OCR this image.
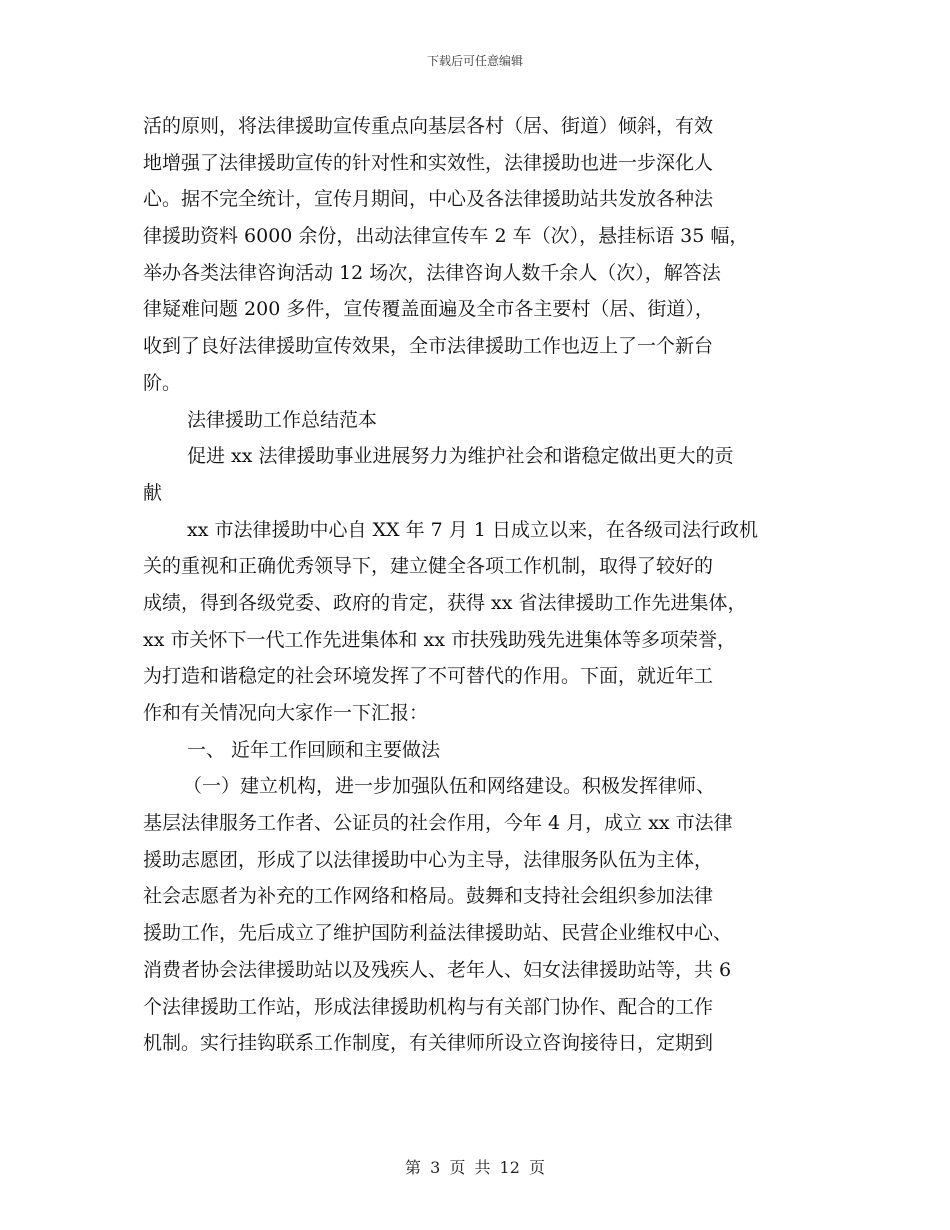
下载后可任意编辑
活的原则，将法律援助宣传重点向基层各村（居、街道）倾斜，有效
地增强了法律援助宣传的针对性和实效性，法律援助也进一步深化人
心。据不完全统计，宣传月期间，中心及各法律援助站共发放各种法
律援助资料 6000 余份，出动法律宣传车 2 车（次），悬挂标语 35 幅，
举办各类法律咨询活动 12 场次，法律咨询人数千余人（次），解答法
律疑难问题 200 多件，宣传覆盖面遍及全市各主要村（居、街道），
收到了良好法律援助宣传效果，全市法律援助工作也迈上了一个新台
阶。
法律援助工作总结范本
促进 xx 法律援助事业进展努力为维护社会和谐稳定做出更大的贡
献
xx 市法律援助中心自 XX 年 7 月 1 日成立以来，在各级司法行政机
关的重视和正确优秀领导下，建立健全各项工作机制，取得了较好的
成绩，得到各级党委、政府的肯定，获得 xx 省法律援助工作先进集体，
xx 市关怀下一代工作先进集体和 xx 市扶残助残先进集体等多项荣誉，
为打造和谐稳定的社会环境发挥了不可替代的作用。下面，就近年工
作和有关情况向大家作一下汇报：
一、 近年工作回顾和主要做法
（一）建立机构，进一步加强队伍和网络建设。积极发挥律师、
基层法律服务工作者、公证员的社会作用，今年 4 月，成立 xx 市法律
援助志愿团，形成了以法律援助中心为主导，法律服务队伍为主体，
社会志愿者为补充的工作网络和格局。鼓舞和支持社会组织参加法律
援助工作，先后成立了维护国防利益法律援助站、民营企业维权中心、
消费者协会法律援助站以及残疾人、老年人、妇女法律援助站等，共 6
个法律援助工作站，形成法律援助机构与有关部门协作、配合的工作
机制。实行挂钩联系工作制度，有关律师所设立咨询接待日，定期到
第 3 页 共 12 页
